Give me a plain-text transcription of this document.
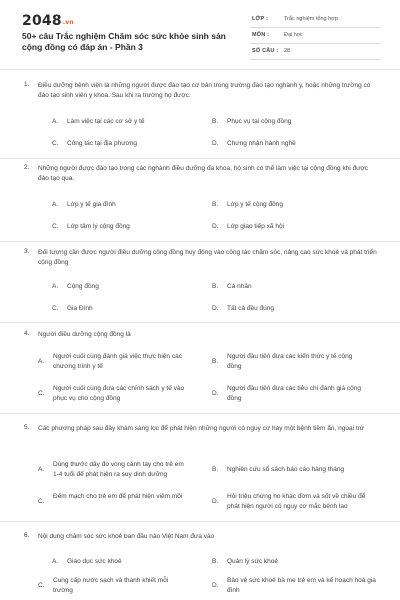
2048.vn
50+ câu Trắc nghiệm Chăm sóc sức khỏe sinh sản cộng đồng có đáp án - Phần 3
LỚP :	Trắc nghiệm tổng hợp
MÔN :	Đại học
SỐ CÂU : 28
1. Điều dưỡng bệnh viện là những người được đào tạo cơ bản trong trường đào tạo nghành y, hoặc những trường có đào tạo sinh viên y khoa. Sau khi ra trường họ được.
A. Làm việc tại các cơ sở y tế	B. Phục vụ tại cộng đồng
C. Công tác tại địa phương	D. Chưng nhận hành nghề
2. Những người được đào tạo trong các nghành điều dưỡng đa khoa, hộ sinh có thể làm việc tại cộng đồng khi được đào tạo qua.
A. Lớp y tế gia đình	B. Lớp y tế cộng đồng
C. Lớp tâm lý cộng đồng	D. Lớp giao tiếp xã hội
3. Đối tượng cần được người điều dưỡng cộng đồng huy động vào công tác chăm sóc, nâng cao sức khoẻ và phát triển cộng đồng
A. Cộng đồng	B. Cá nhân
C. Gia Đình	D. Tất cả đều đúng
4. Người điều dưỡng cộng đồng là
A.
Người cuối cùng đánh giá việc thực hiện các chương trình y tế
B.
Người đầu tiên đưa các kiến thức y tế cộng đồng
C.
Người cuối cùng đưa các chính sách y tế vào phục vụ cho cộng đồng
D.
Người đầu tiên đưa các tiêu chí đánh giá cộng đồng
5. Các phương pháp sau đây khám sàng lọc để phát hiện những người có nguy cơ hay một bệnh tiềm ẩn, ngoại trừ
A.
Dùng thước dây đo vòng cánh tay cho trẻ em 1-4 tuổi để phát hiện ra suy dinh dưỡng
B. Nghiên cứu sổ sách báo cáo hàng tháng
C.
Đếm mạch cho trẻ em để phát hiện viêm mồi
D.
Hỏi triệu chứng ho khạc đờm và sốt về chiều để phát hiện người có nguy cơ mắc bệnh lao
6. Nội dung chăm sóc sức khoẻ ban đầu nào Việt Nam đưa vào
A. Giáo dục sức khoẻ	B. Quản lý sức khoẻ
C.
Cung cấp nước sạch và thanh khiết mỗi trường
D.
Bảo vệ sức khoẻ bà mẹ trẻ em và kế hoạch hoá gia đình
